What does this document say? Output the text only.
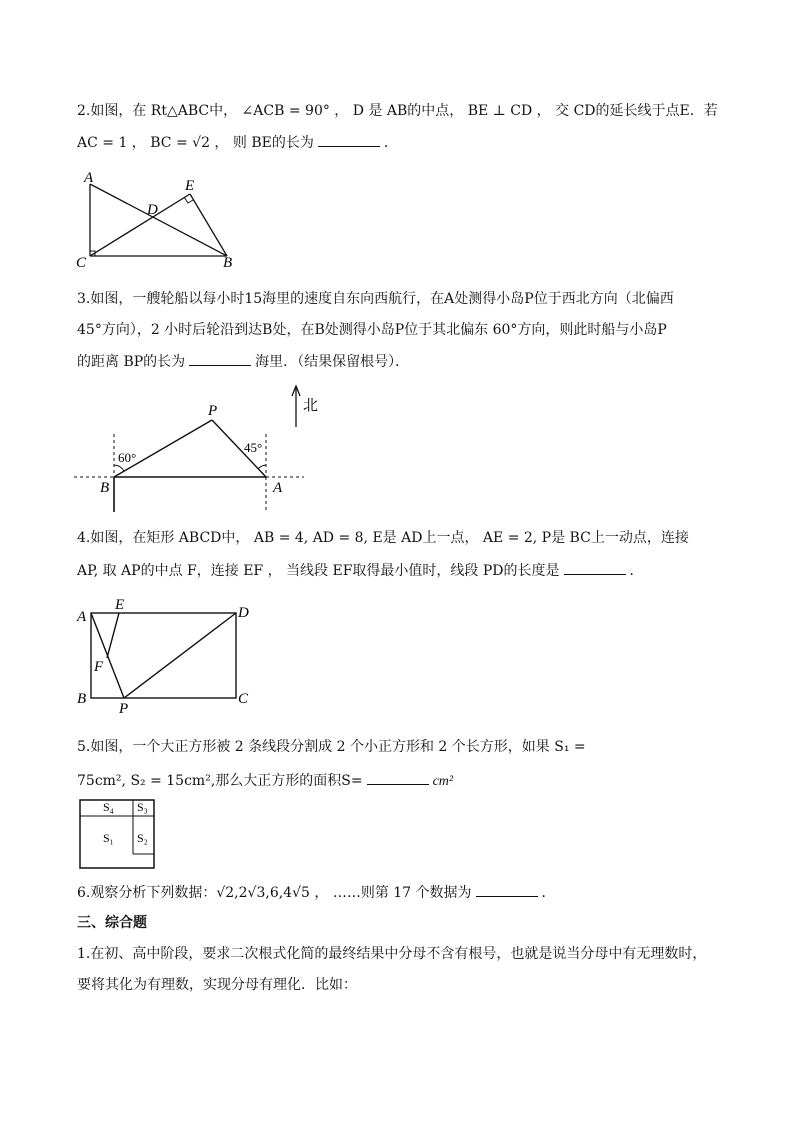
2.如图，在 Rt△ABC中， ∠ACB = 90° ， D 是 AB的中点， BE ⊥ CD ， 交 CD的延长线于点E．若
AC = 1 ， BC = √2 ， 则 BE的长为	．
A	E
D
C	B
3.如图，一艘轮船以每小时15海里的速度自东向西航行，在A处测得小岛P位于西北方向（北偏西
45°方向），2 小时后轮沿到达B处，在B处测得小岛P位于其北偏东 60°方向，则此时船与小岛P
的距离 BP的长为	海里．（结果保留根号）．
P
B	A
60°
45°
北
4.如图，在矩形 ABCD中， AB = 4, AD = 8, E是 AD上一点， AE = 2, P是 BC上一动点，连接
AP, 取 AP的中点 F，连接 EF ， 当线段 EF取得最小值时，线段 PD的长度是	．
A
E	D
F
B
P
C
5.如图，一个大正方形被 2 条线段分割成 2 个小正方形和 2 个长方形，如果 S₁ =
75cm², S₂ = 15cm²,那么大正方形的面积S=	cm²
S₄ S₃
S₁ S₂
6.观察分析下列数据：√2,2√3,6,4√5 ， ……则第 17 个数据为	．
三、综合题
1.在初、高中阶段，要求二次根式化简的最终结果中分母不含有根号，也就是说当分母中有无理数时，
要将其化为有理数，实现分母有理化．比如：
